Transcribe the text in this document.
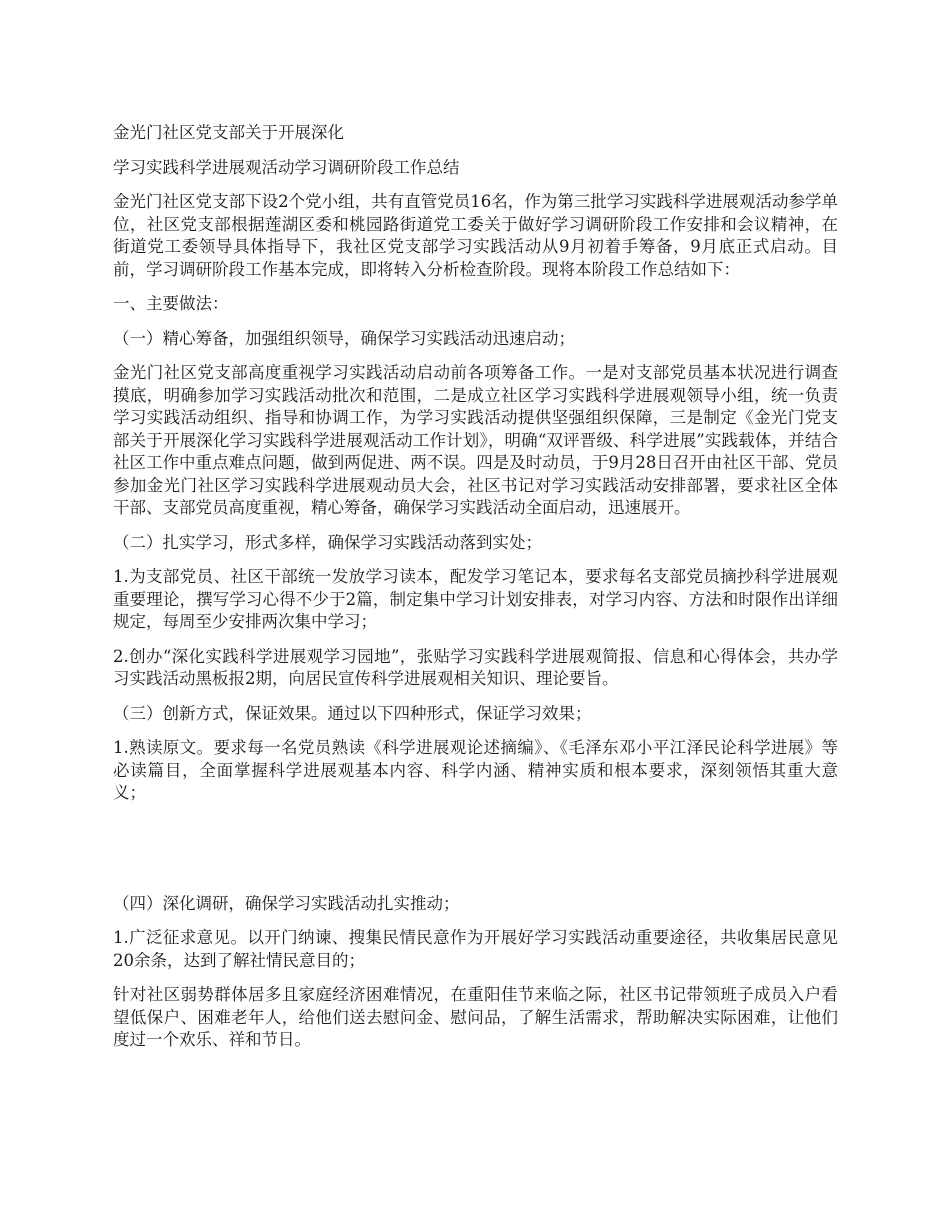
金光门社区党支部关于开展深化

学习实践科学进展观活动学习调研阶段工作总结

金光门社区党支部下设2个党小组，共有直管党员16名，作为第三批学习实践科学进展观活动参学单位，社区党支部根据莲湖区委和桃园路街道党工委关于做好学习调研阶段工作安排和会议精神，在街道党工委领导具体指导下，我社区党支部学习实践活动从9月初着手筹备，9月底正式启动。目前，学习调研阶段工作基本完成，即将转入分析检查阶段。现将本阶段工作总结如下：

一、主要做法：

（一）精心筹备，加强组织领导，确保学习实践活动迅速启动；

金光门社区党支部高度重视学习实践活动启动前各项筹备工作。一是对支部党员基本状况进行调查摸底，明确参加学习实践活动批次和范围，二是成立社区学习实践科学进展观领导小组，统一负责学习实践活动组织、指导和协调工作，为学习实践活动提供坚强组织保障，三是制定《金光门党支部关于开展深化学习实践科学进展观活动工作计划》，明确“双评晋级、科学进展”实践载体，并结合社区工作中重点难点问题，做到两促进、两不误。四是及时动员，于9月28日召开由社区干部、党员参加金光门社区学习实践科学进展观动员大会，社区书记对学习实践活动安排部署，要求社区全体干部、支部党员高度重视，精心筹备，确保学习实践活动全面启动，迅速展开。

（二）扎实学习，形式多样，确保学习实践活动落到实处；

1.为支部党员、社区干部统一发放学习读本，配发学习笔记本，要求每名支部党员摘抄科学进展观重要理论，撰写学习心得不少于2篇，制定集中学习计划安排表，对学习内容、方法和时限作出详细规定，每周至少安排两次集中学习；

2.创办“深化实践科学进展观学习园地”，张贴学习实践科学进展观简报、信息和心得体会，共办学习实践活动黑板报2期，向居民宣传科学进展观相关知识、理论要旨。

（三）创新方式，保证效果。通过以下四种形式，保证学习效果；

1.熟读原文。要求每一名党员熟读《科学进展观论述摘编》、《毛泽东邓小平江泽民论科学进展》等必读篇目，全面掌握科学进展观基本内容、科学内涵、精神实质和根本要求，深刻领悟其重大意义；

（四）深化调研，确保学习实践活动扎实推动；

1.广泛征求意见。以开门纳谏、搜集民情民意作为开展好学习实践活动重要途径，共收集居民意见20余条，达到了解社情民意目的；

针对社区弱势群体居多且家庭经济困难情况，在重阳佳节来临之际，社区书记带领班子成员入户看望低保户、困难老年人，给他们送去慰问金、慰问品，了解生活需求，帮助解决实际困难，让他们度过一个欢乐、祥和节日。
